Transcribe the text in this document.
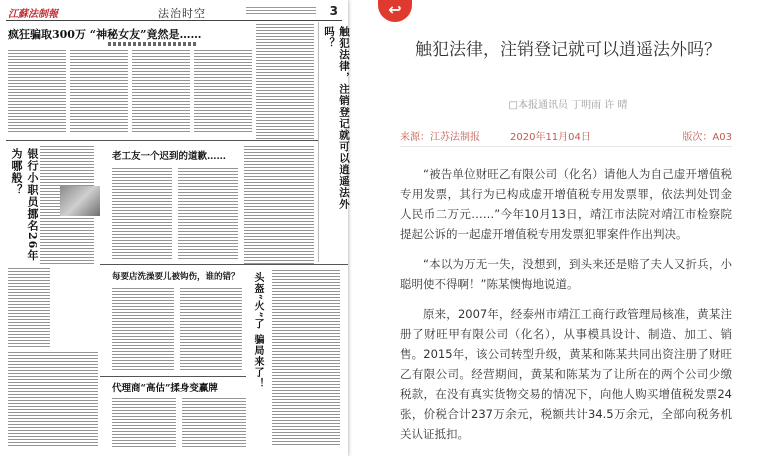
江蘇法制報	法治时空	3
疯狂骗取300万 “神秘女友”竟然是……	触犯法律，注销登记就可以逍遥法外吗？
银行小职员挪名26年为哪般？	老工友一个迟到的道歉……
每要店洗澡要儿被钩伤，谁的错？ 头盔“火”了 骗局来了！
代理商“高估”揉身变赢牌
↩
触犯法律，注销登记就可以逍遥法外吗？
□本报通讯员 丁明雨 许 晴
来源：江苏法制报	2020年11月04日	版次：A03

“被告单位财旺乙有限公司（化名）请他人为自己虚开增值税专用发票，其行为已构成虚开增值税专用发票罪，依法判处罚金人民币二万元……”今年10月13日，靖江市法院对靖江市检察院提起公诉的一起虚开增值税专用发票犯罪案件作出判决。

“本以为万无一失，没想到，到头来还是赔了夫人又折兵，小聪明使不得啊！”陈某懊悔地说道。

原来，2007年，经泰州市靖江工商行政管理局核准，黄某注册了财旺甲有限公司（化名），从事模具设计、制造、加工、销售。2015年，该公司转型升级，黄某和陈某共同出资注册了财旺乙有限公司。经营期间，黄某和陈某为了让所在的两个公司少缴税款，在没有真实货物交易的情况下，向他人购买增值税发票24张，价税合计237万余元，税额共计34.5万余元，全部向税务机关认证抵扣。
